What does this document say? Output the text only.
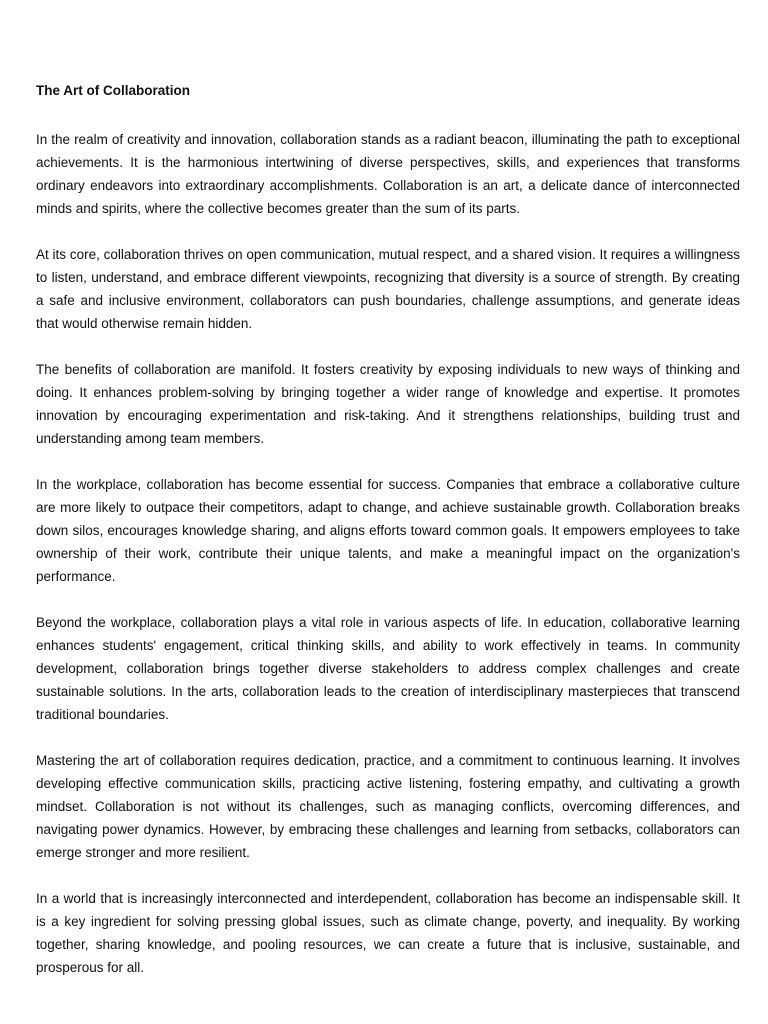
The Art of Collaboration

In the realm of creativity and innovation, collaboration stands as a radiant beacon, illuminating the path to exceptional achievements. It is the harmonious intertwining of diverse perspectives, skills, and experiences that transforms ordinary endeavors into extraordinary accomplishments. Collaboration is an art, a delicate dance of interconnected minds and spirits, where the collective becomes greater than the sum of its parts.

At its core, collaboration thrives on open communication, mutual respect, and a shared vision. It requires a willingness to listen, understand, and embrace different viewpoints, recognizing that diversity is a source of strength. By creating a safe and inclusive environment, collaborators can push boundaries, challenge assumptions, and generate ideas that would otherwise remain hidden.

The benefits of collaboration are manifold. It fosters creativity by exposing individuals to new ways of thinking and doing. It enhances problem-solving by bringing together a wider range of knowledge and expertise. It promotes innovation by encouraging experimentation and risk-taking. And it strengthens relationships, building trust and understanding among team members.

In the workplace, collaboration has become essential for success. Companies that embrace a collaborative culture are more likely to outpace their competitors, adapt to change, and achieve sustainable growth. Collaboration breaks down silos, encourages knowledge sharing, and aligns efforts toward common goals. It empowers employees to take ownership of their work, contribute their unique talents, and make a meaningful impact on the organization's performance.

Beyond the workplace, collaboration plays a vital role in various aspects of life. In education, collaborative learning enhances students' engagement, critical thinking skills, and ability to work effectively in teams. In community development, collaboration brings together diverse stakeholders to address complex challenges and create sustainable solutions. In the arts, collaboration leads to the creation of interdisciplinary masterpieces that transcend traditional boundaries.

Mastering the art of collaboration requires dedication, practice, and a commitment to continuous learning. It involves developing effective communication skills, practicing active listening, fostering empathy, and cultivating a growth mindset. Collaboration is not without its challenges, such as managing conflicts, overcoming differences, and navigating power dynamics. However, by embracing these challenges and learning from setbacks, collaborators can emerge stronger and more resilient.

In a world that is increasingly interconnected and interdependent, collaboration has become an indispensable skill. It is a key ingredient for solving pressing global issues, such as climate change, poverty, and inequality. By working together, sharing knowledge, and pooling resources, we can create a future that is inclusive, sustainable, and prosperous for all.
